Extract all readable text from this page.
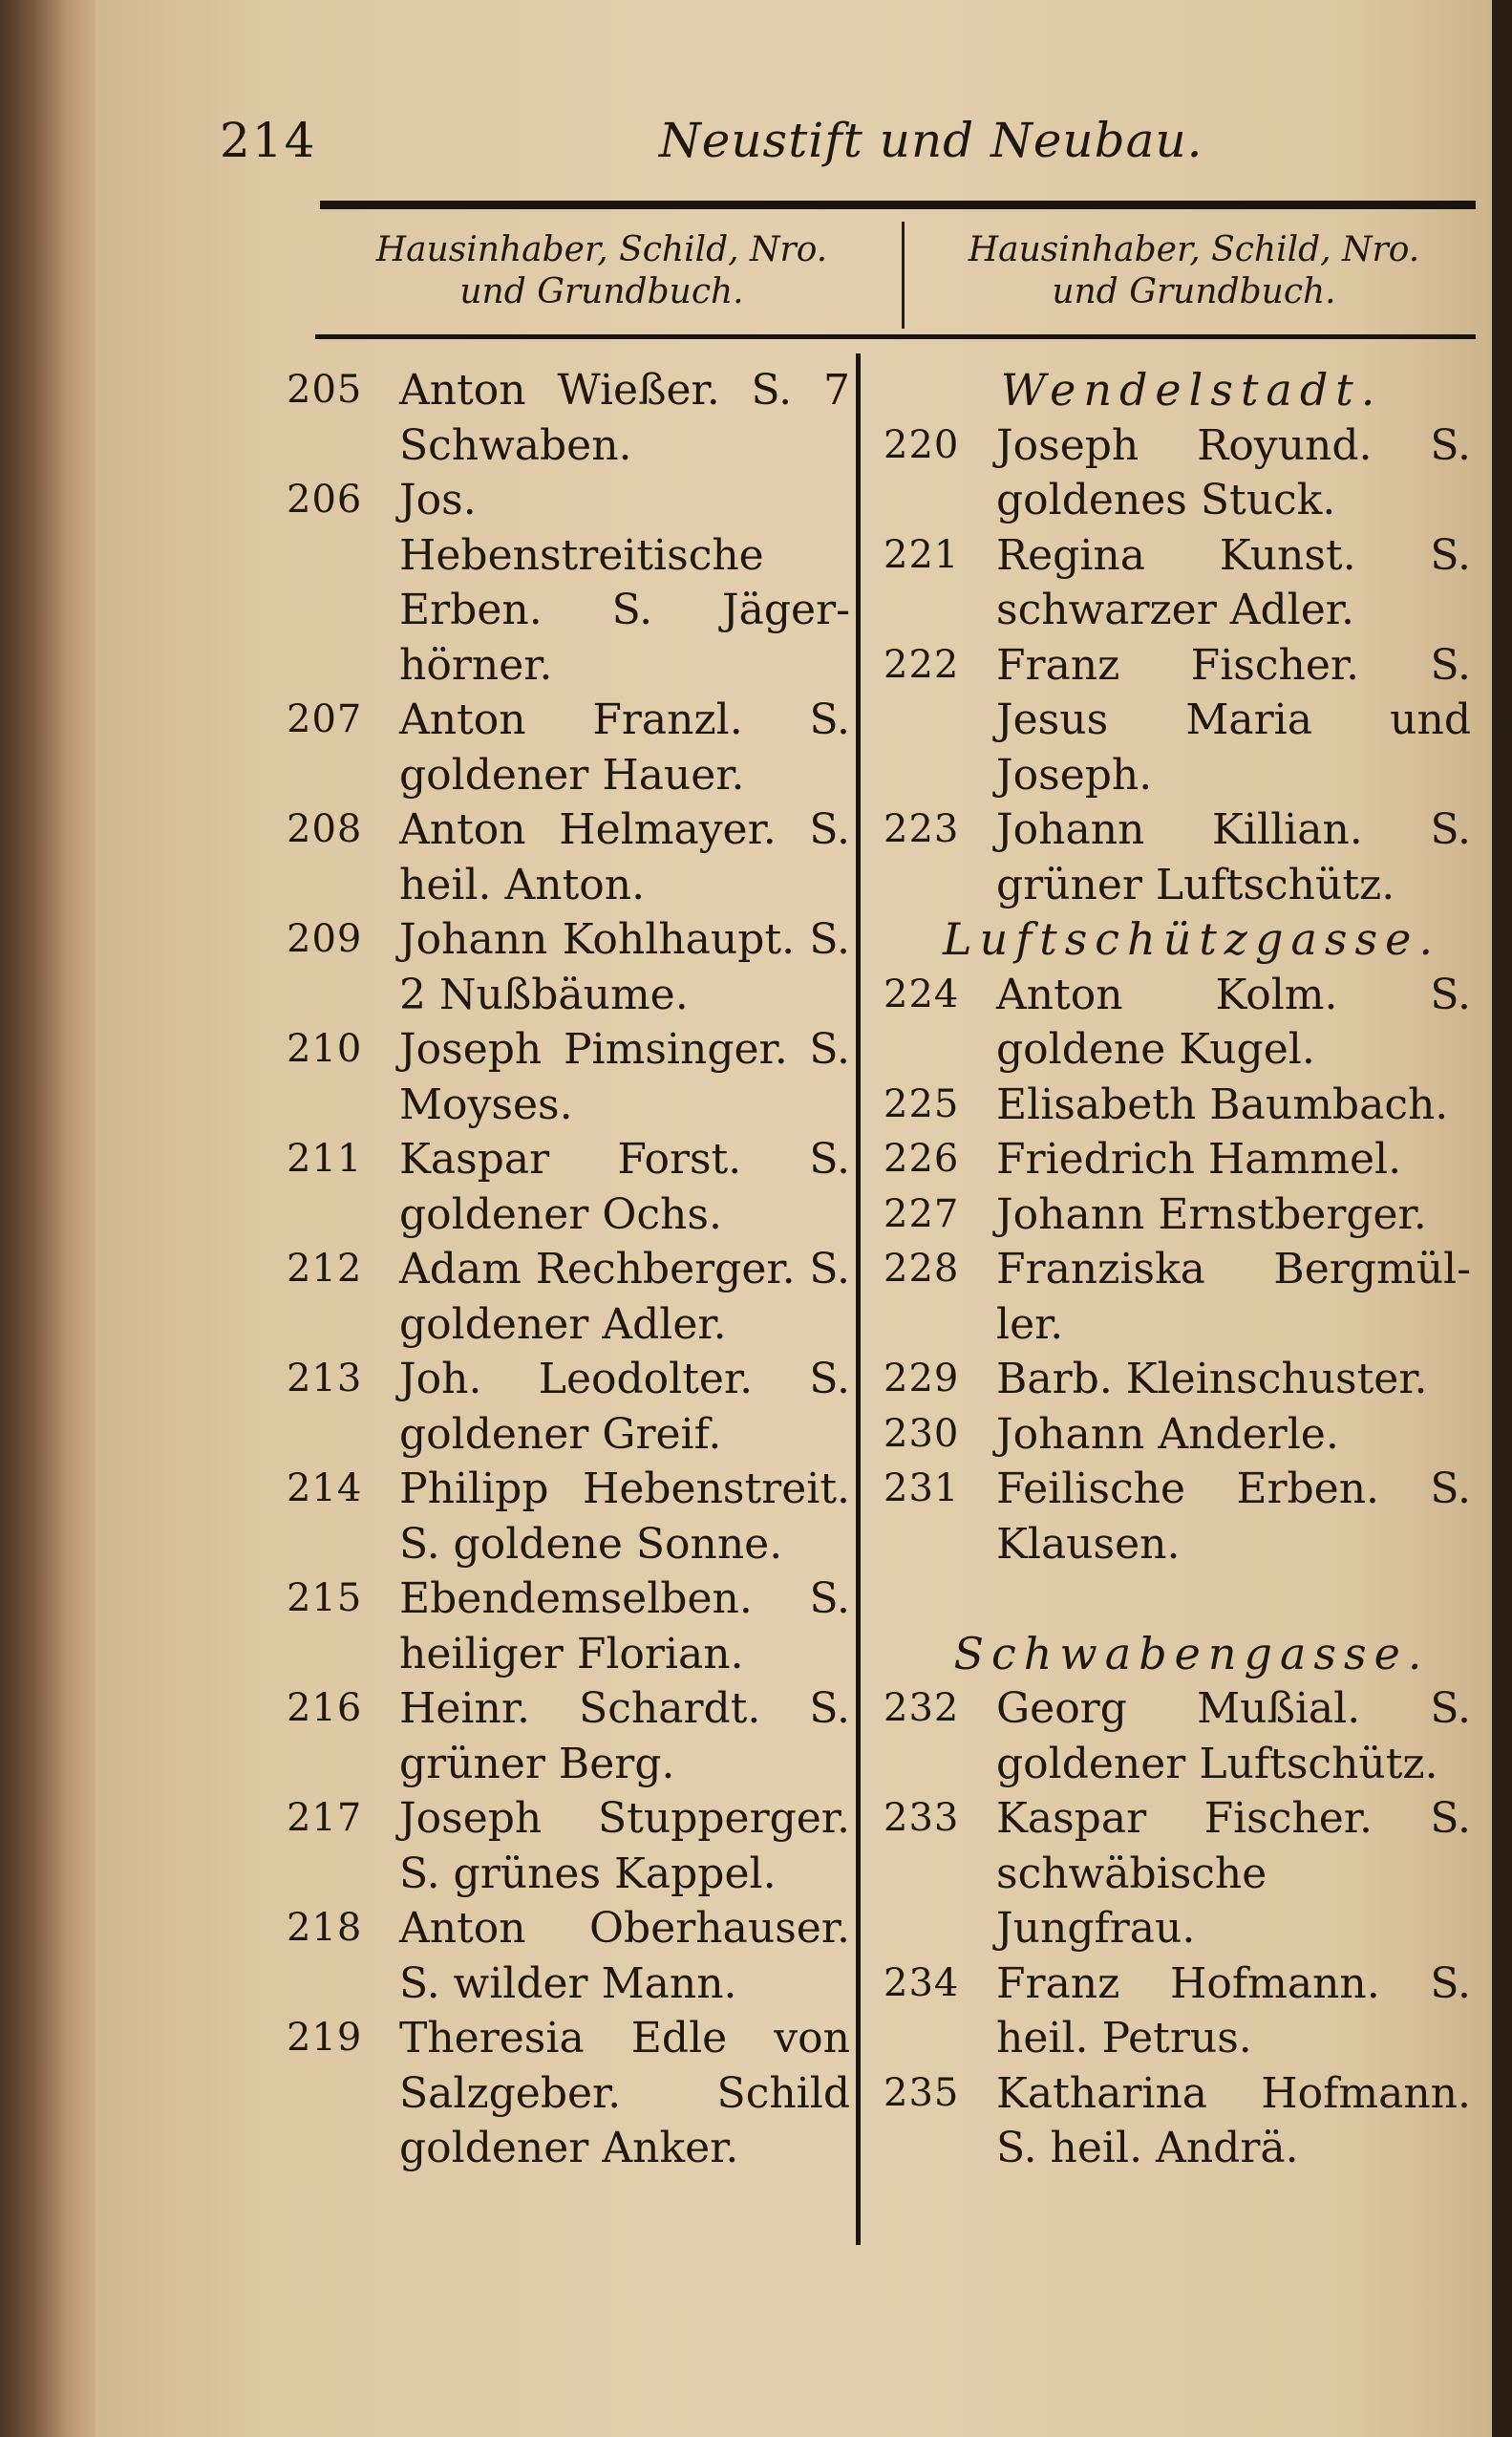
214	Neustift und Neubau.
Hausinhaber, Schild, Nro.
und Grundbuch.
Hausinhaber, Schild, Nro.
und Grundbuch.
205 Anton Wießer. S. 7 Schwaben.
206 Jos. Hebenstreitische Erben. S. Jäger-hörner.
207 Anton Franzl. S. goldener Hauer.
208 Anton Helmayer. S. heil. Anton.
209 Johann Kohlhaupt. S. 2 Nußbäume.
210 Joseph Pimsinger. S. Moyses.
211 Kaspar Forst. S. goldener Ochs.
212 Adam Rechberger. S. goldener Adler.
213 Joh. Leodolter. S. goldener Greif.
214 Philipp Hebenstreit. S. goldene Sonne.
215 Ebendemselben. S. heiliger Florian.
216 Heinr. Schardt. S. grüner Berg.
217 Joseph Stupperger. S. grünes Kappel.
218 Anton Oberhauser. S. wilder Mann.
219 Theresia Edle von Salzgeber. Schild goldener Anker.
Wendelstadt.
220 Joseph Royund. S. goldenes Stuck.
221 Regina Kunst. S. schwarzer Adler.
222 Franz Fischer. S. Jesus Maria und Joseph.
223 Johann Killian. S. grüner Luftschütz.
Luftschützgasse.
224 Anton Kolm. S. goldene Kugel.
225 Elisabeth Baumbach.
226 Friedrich Hammel.
227 Johann Ernstberger.
228 Franziska Bergmül-ler.
229 Barb. Kleinschuster.
230 Johann Anderle.
231 Feilische Erben. S. Klausen.
Schwabengasse.
232 Georg Mußial. S. goldener Luftschütz.
233 Kaspar Fischer. S. schwäbische Jungfrau.
234 Franz Hofmann. S. heil. Petrus.
235 Katharina Hofmann. S. heil. Andrä.
